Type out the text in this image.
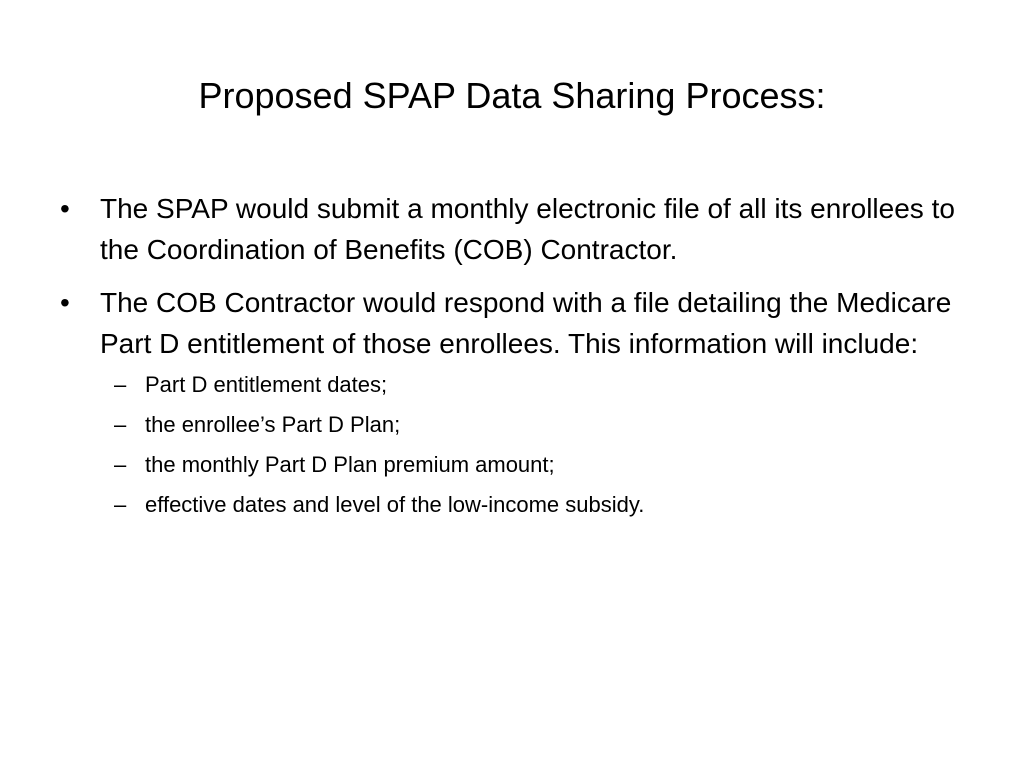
Proposed SPAP Data Sharing Process:
•	The SPAP would submit a monthly electronic file of all its enrollees to the Coordination of Benefits (COB) Contractor.
•	The COB Contractor would respond with a file detailing the Medicare Part D entitlement of those enrollees. This information will include:
– Part D entitlement dates;
– the enrollee’s Part D Plan;
– the monthly Part D Plan premium amount;
– effective dates and level of the low-income subsidy.
